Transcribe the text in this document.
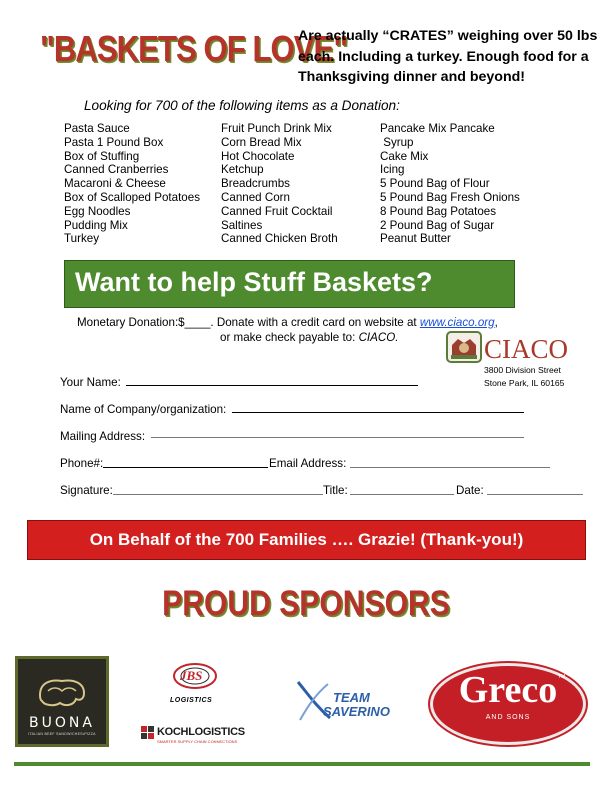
"BASKETS OF LOVE"
Are actually “CRATES” weighing over 50 lbs each. Including a turkey. Enough food for a Thanksgiving dinner and beyond!
Looking for 700 of the following items as a Donation:
Pasta Sauce
Pasta 1 Pound Box
Box of Stuffing
Canned Cranberries
Macaroni & Cheese
Box of Scalloped Potatoes
Egg Noodles
Pudding Mix
Turkey
Fruit Punch Drink Mix
Corn Bread Mix
Hot Chocolate
Ketchup
Breadcrumbs
Canned Corn
Canned Fruit Cocktail
Saltines
Canned Chicken Broth
Pancake Mix Pancake
Syrup
Cake Mix
Icing
5 Pound Bag of Flour
5 Pound Bag Fresh Onions
8 Pound Bag Potatoes
2 Pound Bag of Sugar
Peanut Butter
Want to help Stuff Baskets?
Monetary Donation:$____. Donate with a credit card on website at www.ciaco.org,
or make check payable to: CIACO.	CIACO
3800 Division Street
Stone Park, IL 60165
Your Name:
Name of Company/organization:
Mailing Address:
Phone#:	Email Address:
Signature:	Title:	Date:
On Behalf of the 700 Families …. Grazie! (Thank-you!)
PROUD SPONSORS
BUONA
ITALIAN BEEF SANDWICHES•PIZZA
JBS
LOGISTICS
KOCHLOGISTICS
SMARTER SUPPLY CHAIN CONNECTIONS
TEAM
SAVERINO
Greco
AND SONS
TM
